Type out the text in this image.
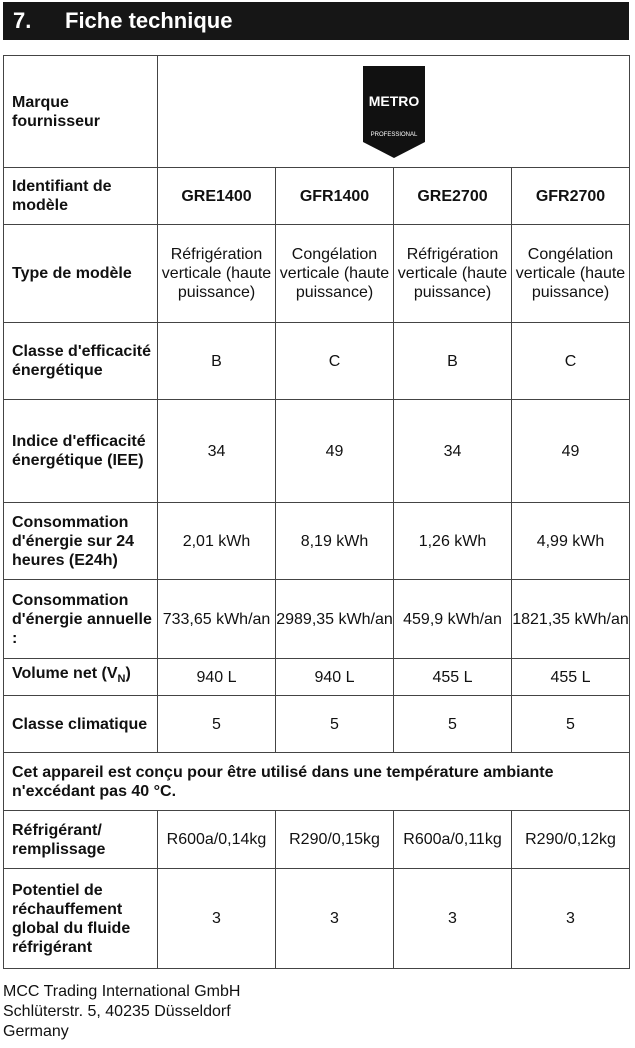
7.	Fiche technique
Marque fournisseur	METRO
PROFESSIONAL			

Identifiant de modèle	GRE1400	GFR1400	GRE2700	GFR2700
Type de modèle	Réfrigération verticale (haute puissance)	Congélation verticale (haute puissance)	Réfrigération verticale (haute puissance)	Congélation verticale (haute puissance)
Classe d'efficacité énergétique	B	C	B	C
Indice d'efficacité énergétique (IEE)	34	49	34	49
Consommation d'énergie sur 24 heures (E24h)	2,01 kWh	8,19 kWh	1,26 kWh	4,99 kWh
Consommation d'énergie annuelle :	733,65 kWh/an	2989,35 kWh/an	459,9 kWh/an	1821,35 kWh/an
Volume net $(V_N)$	940 L	940 L	455 L	455 L
Classe climatique	5	5	5	5
Cet appareil est conçu pour être utilisé dans une température ambiante n'excédant pas 40 °C.				
Réfrigérant/ remplissage	R600a/0,14kg	R290/0,15kg	R600a/0,11kg	R290/0,12kg
Potentiel de réchauffement global du fluide réfrigérant	3	3	3	3
MCC Trading International GmbH
Schlüterstr. 5, 40235 Düsseldorf
Germany
